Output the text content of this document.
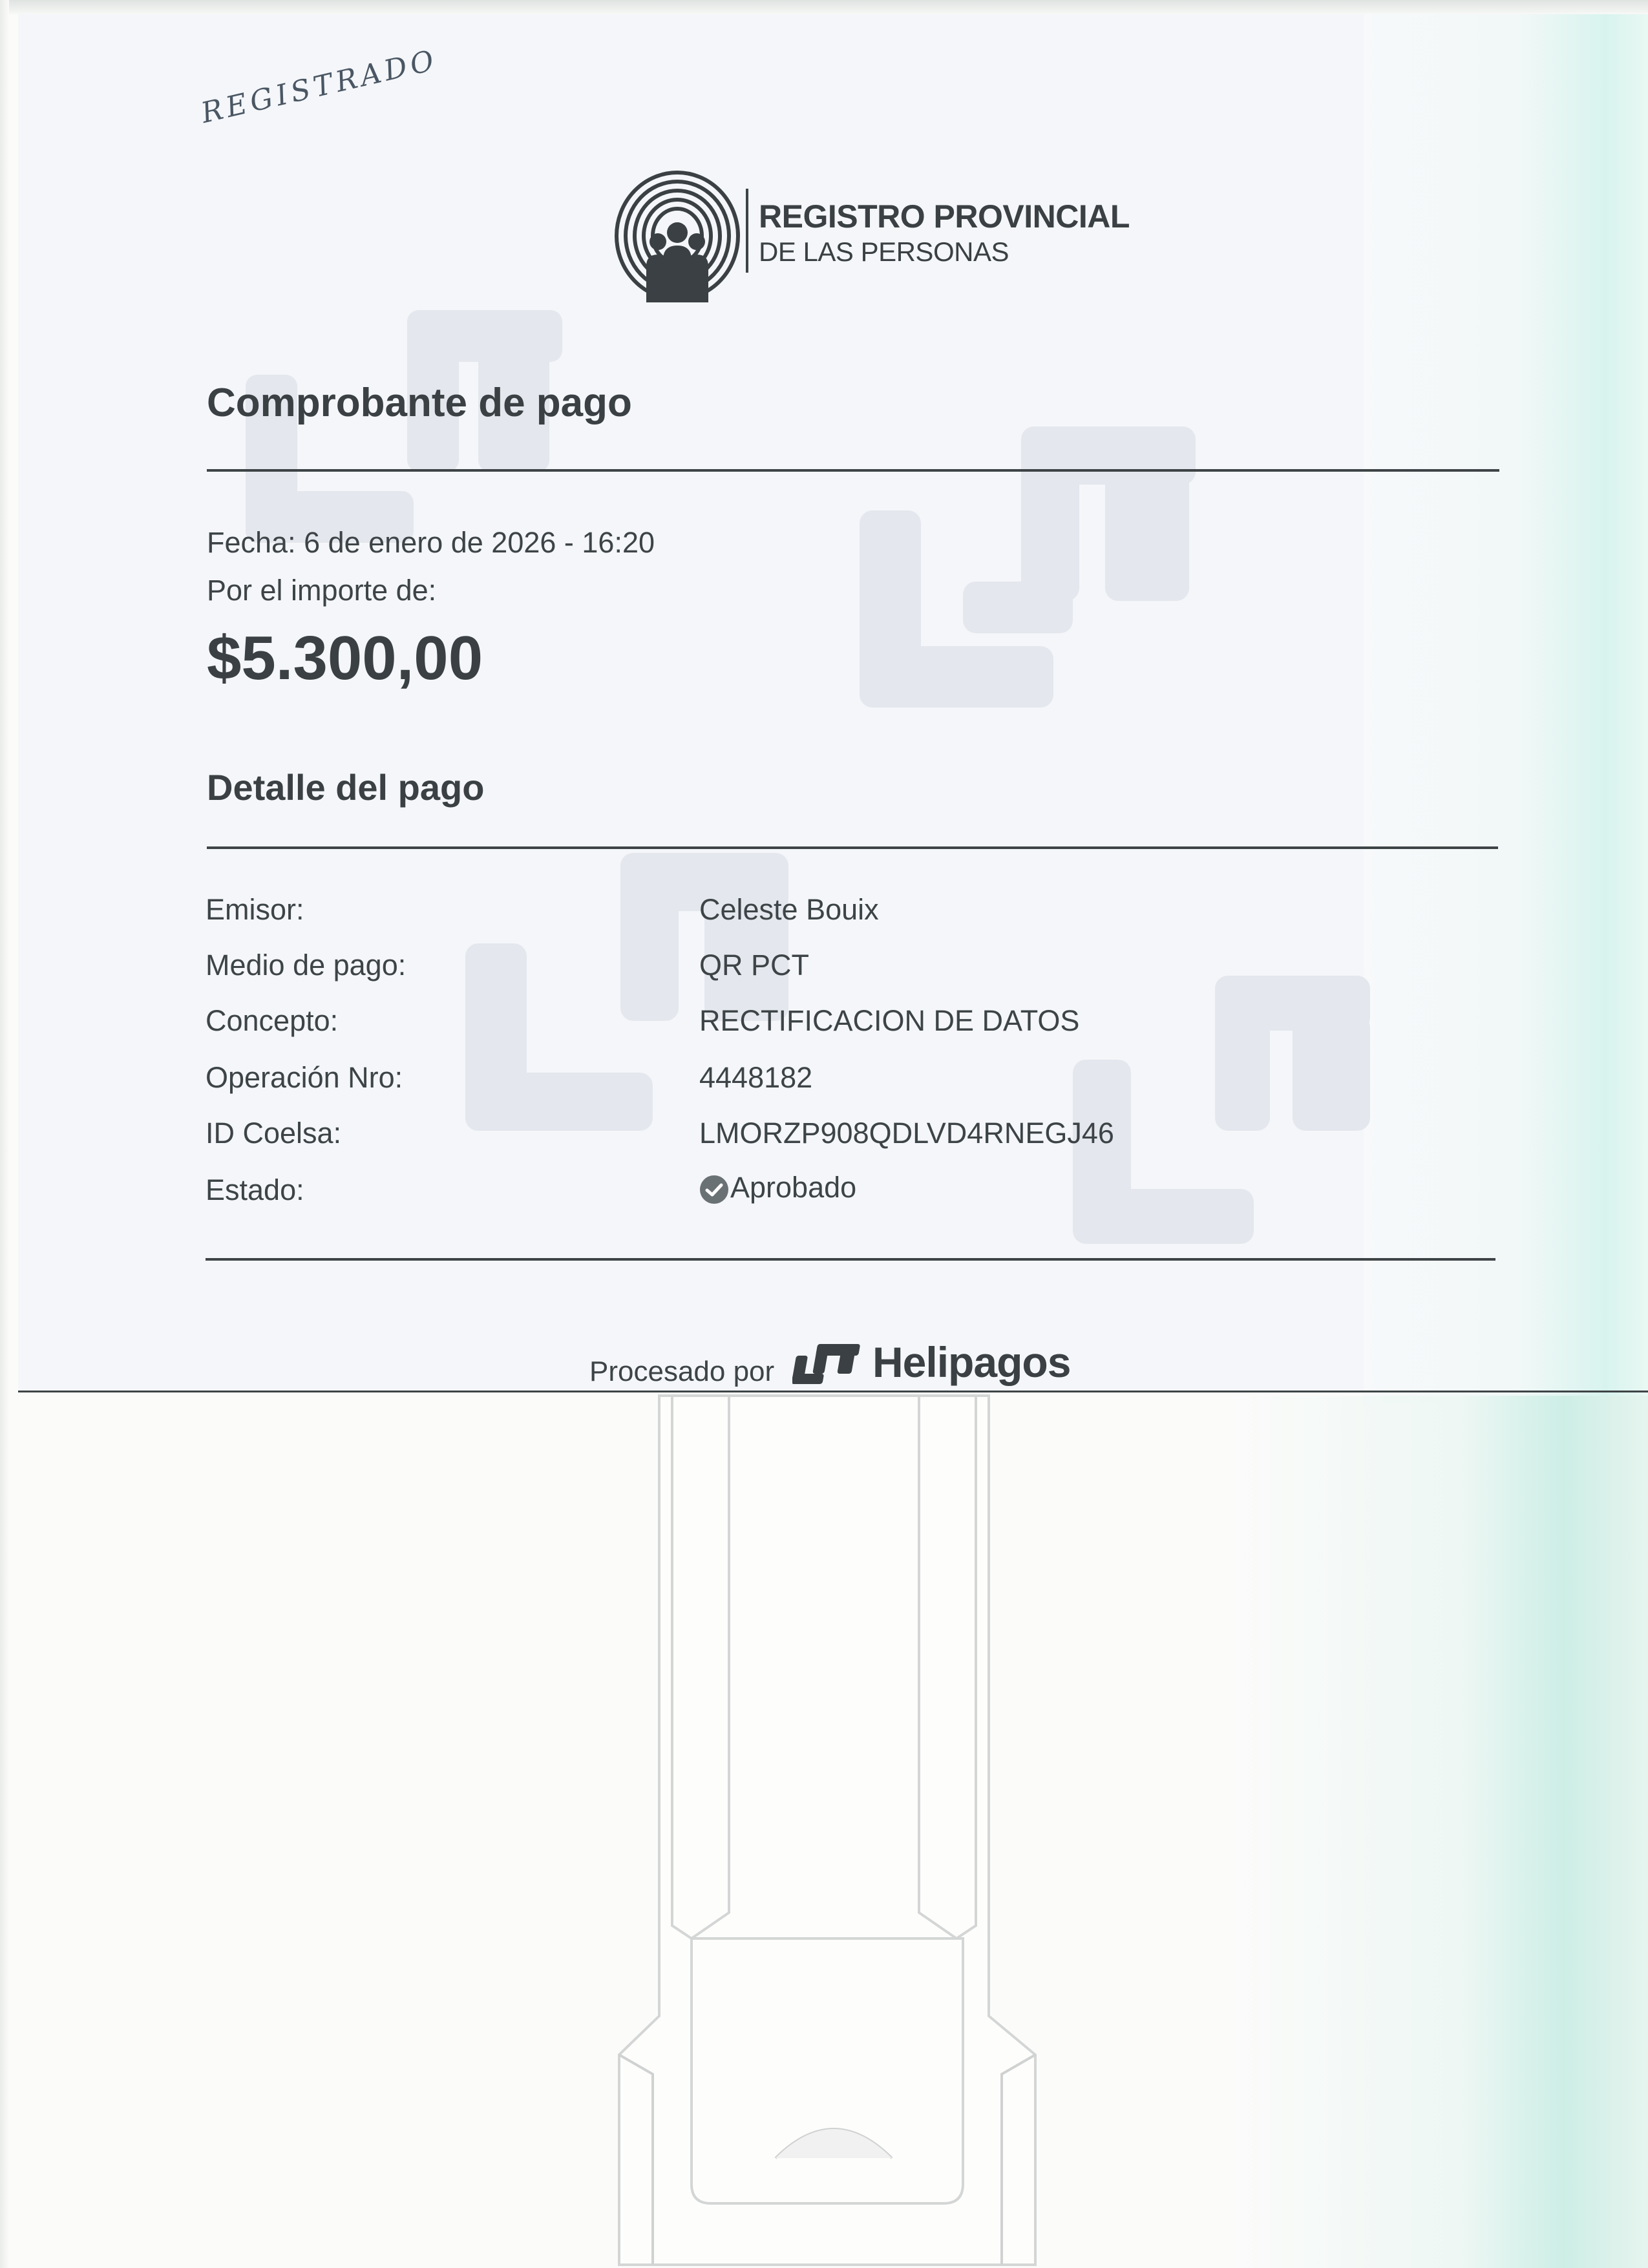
REGISTRADO
REGISTRO PROVINCIAL
DE LAS PERSONAS
Comprobante de pago
Fecha: 6 de enero de 2026 - 16:20
Por el importe de:
$5.300,00
Detalle del pago
Emisor:	Celeste Bouix
Medio de pago:	QR PCT
Concepto:	RECTIFICACION DE DATOS
Operación Nro:	4448182
ID Coelsa:	LMORZP908QDLVD4RNEGJ46
Estado:	Aprobado
Procesado por Helipagos
